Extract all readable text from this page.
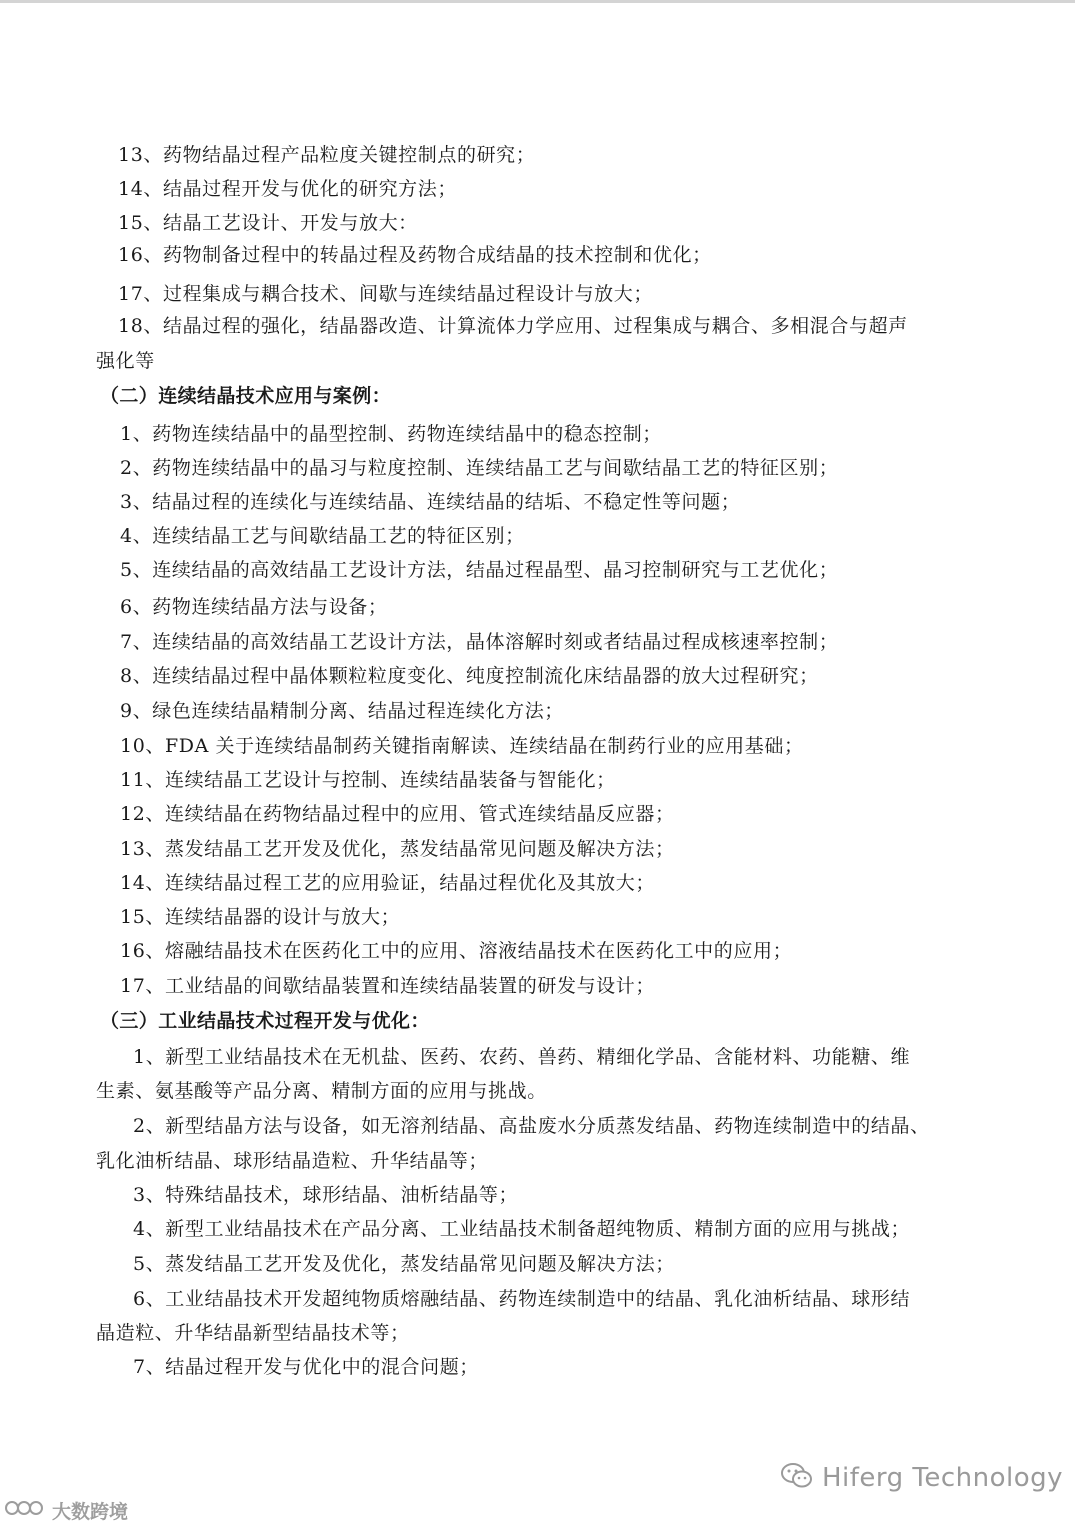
13、药物结晶过程产品粒度关键控制点的研究；
14、结晶过程开发与优化的研究方法；
15、结晶工艺设计、开发与放大：
16、药物制备过程中的转晶过程及药物合成结晶的技术控制和优化；
17、过程集成与耦合技术、间歇与连续结晶过程设计与放大；
18、结晶过程的强化，结晶器改造、计算流体力学应用、过程集成与耦合、多相混合与超声
强化等
（二）连续结晶技术应用与案例：
1、药物连续结晶中的晶型控制、药物连续结晶中的稳态控制；
2、药物连续结晶中的晶习与粒度控制、连续结晶工艺与间歇结晶工艺的特征区别；
3、结晶过程的连续化与连续结晶、连续结晶的结垢、不稳定性等问题；
4、连续结晶工艺与间歇结晶工艺的特征区别；
5、连续结晶的高效结晶工艺设计方法，结晶过程晶型、晶习控制研究与工艺优化；
6、药物连续结晶方法与设备；
7、连续结晶的高效结晶工艺设计方法，晶体溶解时刻或者结晶过程成核速率控制；
8、连续结晶过程中晶体颗粒粒度变化、纯度控制流化床结晶器的放大过程研究；
9、绿色连续结晶精制分离、结晶过程连续化方法；
10、FDA 关于连续结晶制药关键指南解读、连续结晶在制药行业的应用基础；
11、连续结晶工艺设计与控制、连续结晶装备与智能化；
12、连续结晶在药物结晶过程中的应用、管式连续结晶反应器；
13、蒸发结晶工艺开发及优化，蒸发结晶常见问题及解决方法；
14、连续结晶过程工艺的应用验证，结晶过程优化及其放大；
15、连续结晶器的设计与放大；
16、熔融结晶技术在医药化工中的应用、溶液结晶技术在医药化工中的应用；
17、工业结晶的间歇结晶装置和连续结晶装置的研发与设计；
（三）工业结晶技术过程开发与优化：
1、新型工业结晶技术在无机盐、医药、农药、兽药、精细化学品、含能材料、功能糖、维
生素、氨基酸等产品分离、精制方面的应用与挑战。
2、新型结晶方法与设备，如无溶剂结晶、高盐废水分质蒸发结晶、药物连续制造中的结晶、
乳化油析结晶、球形结晶造粒、升华结晶等；
3、特殊结晶技术，球形结晶、油析结晶等；
4、新型工业结晶技术在产品分离、工业结晶技术制备超纯物质、精制方面的应用与挑战；
5、蒸发结晶工艺开发及优化，蒸发结晶常见问题及解决方法；
6、工业结晶技术开发超纯物质熔融结晶、药物连续制造中的结晶、乳化油析结晶、球形结
晶造粒、升华结晶新型结晶技术等；
7、结晶过程开发与优化中的混合问题；
Hiferg Technology
大数跨境
